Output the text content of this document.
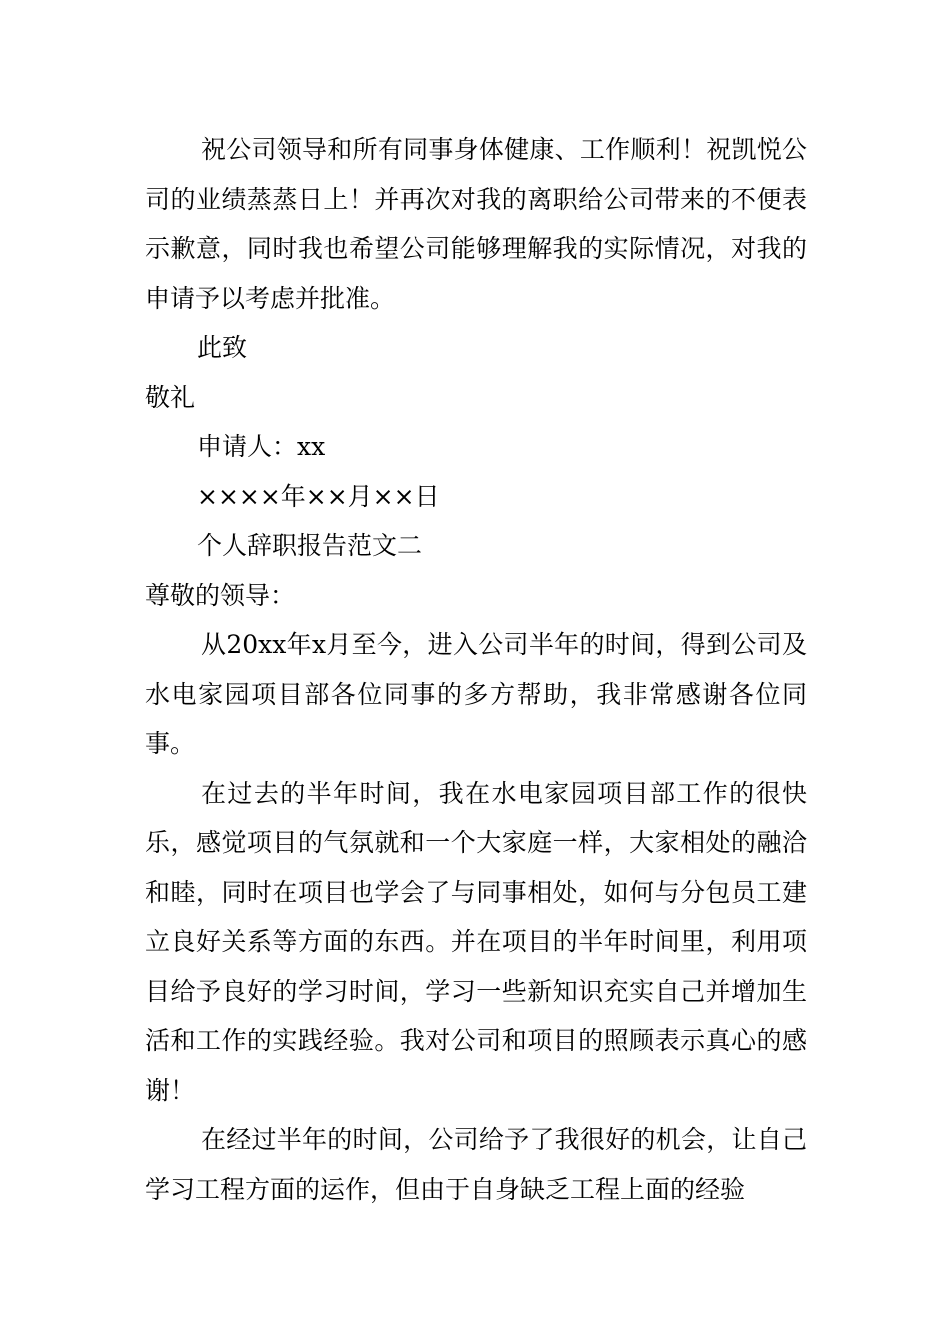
祝公司领导和所有同事身体健康、工作顺利！祝凯悦公司的业绩蒸蒸日上！并再次对我的离职给公司带来的不便表示歉意，同时我也希望公司能够理解我的实际情况，对我的申请予以考虑并批准。

此致

敬礼

申请人：xx

××××年××月××日

个人辞职报告范文二

尊敬的领导：

从20xx年x月至今，进入公司半年的时间，得到公司及水电家园项目部各位同事的多方帮助，我非常感谢各位同事。

在过去的半年时间，我在水电家园项目部工作的很快乐，感觉项目的气氛就和一个大家庭一样，大家相处的融洽和睦，同时在项目也学会了与同事相处，如何与分包员工建立良好关系等方面的东西。并在项目的半年时间里，利用项目给予良好的学习时间，学习一些新知识充实自己并增加生活和工作的实践经验。我对公司和项目的照顾表示真心的感谢！

在经过半年的时间，公司给予了我很好的机会，让自己学习工程方面的运作，但由于自身缺乏工程上面的经验
